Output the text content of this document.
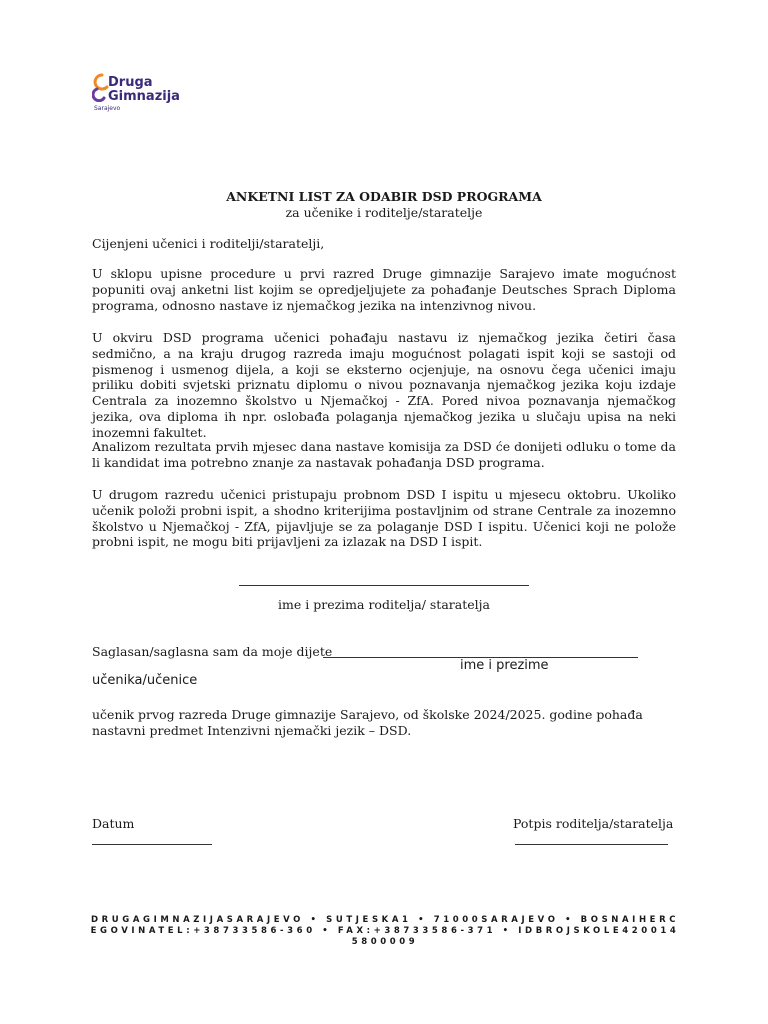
Druga
Gimnazija
Sarajevo
ANKETNI LIST ZA ODABIR DSD PROGRAMA
za učenike i roditelje/staratelje
Cijenjeni učenici i roditelji/staratelji,
U sklopu upisne procedure u prvi razred Druge gimnazije Sarajevo imate mogućnost popuniti ovaj anketni list kojim se opredjeljujete za pohađanje Deutsches Sprach Diploma programa, odnosno nastave iz njemačkog jezika na intenzivnog nivou.
U okviru DSD programa učenici pohađaju nastavu iz njemačkog jezika četiri časa sedmično, a na kraju drugog razreda imaju mogućnost polagati ispit koji se sastoji od pismenog i usmenog dijela, a koji se eksterno ocjenjuje, na osnovu čega učenici imaju priliku dobiti svjetski priznatu diplomu o nivou poznavanja njemačkog jezika koju izdaje Centrala za inozemno školstvo u Njemačkoj - ZfA. Pored nivoa poznavanja njemačkog jezika, ova diploma ih npr. oslobađa polaganja njemačkog jezika u slučaju upisa na neki inozemni fakultet.
Analizom rezultata prvih mjesec dana nastave komisija za DSD će donijeti odluku o tome da li kandidat ima potrebno znanje za nastavak pohađanja DSD programa.
U drugom razredu učenici pristupaju probnom DSD I ispitu u mjesecu oktobru. Ukoliko učenik položi probni ispit, a shodno kriterijima postavljnim od strane Centrale za inozemno školstvo u Njemačkoj - ZfA, pijavljuje se za polaganje DSD I ispitu. Učenici koji ne polože probni ispit, ne mogu biti prijavljeni za izlazak na DSD I ispit.
ime i prezima roditelja/ staratelja
Saglasan/saglasna sam da moje dijete
ime i prezime
učenika/učenice
učenik prvog razreda Druge gimnazije Sarajevo, od školske 2024/2025. godine pohađa nastavni predmet Intenzivni njemački jezik – DSD.
Datum	Potpis roditelja/staratelja
DRUGAGIMNAZIJASARAJEVO • SUTJESKA1 • 71000SARAJEVO • BOSNAIHERCEGOVINATEL:+38733586-360 • FAX:+38733586-371 • IDBROJSKOLE4200145800009
